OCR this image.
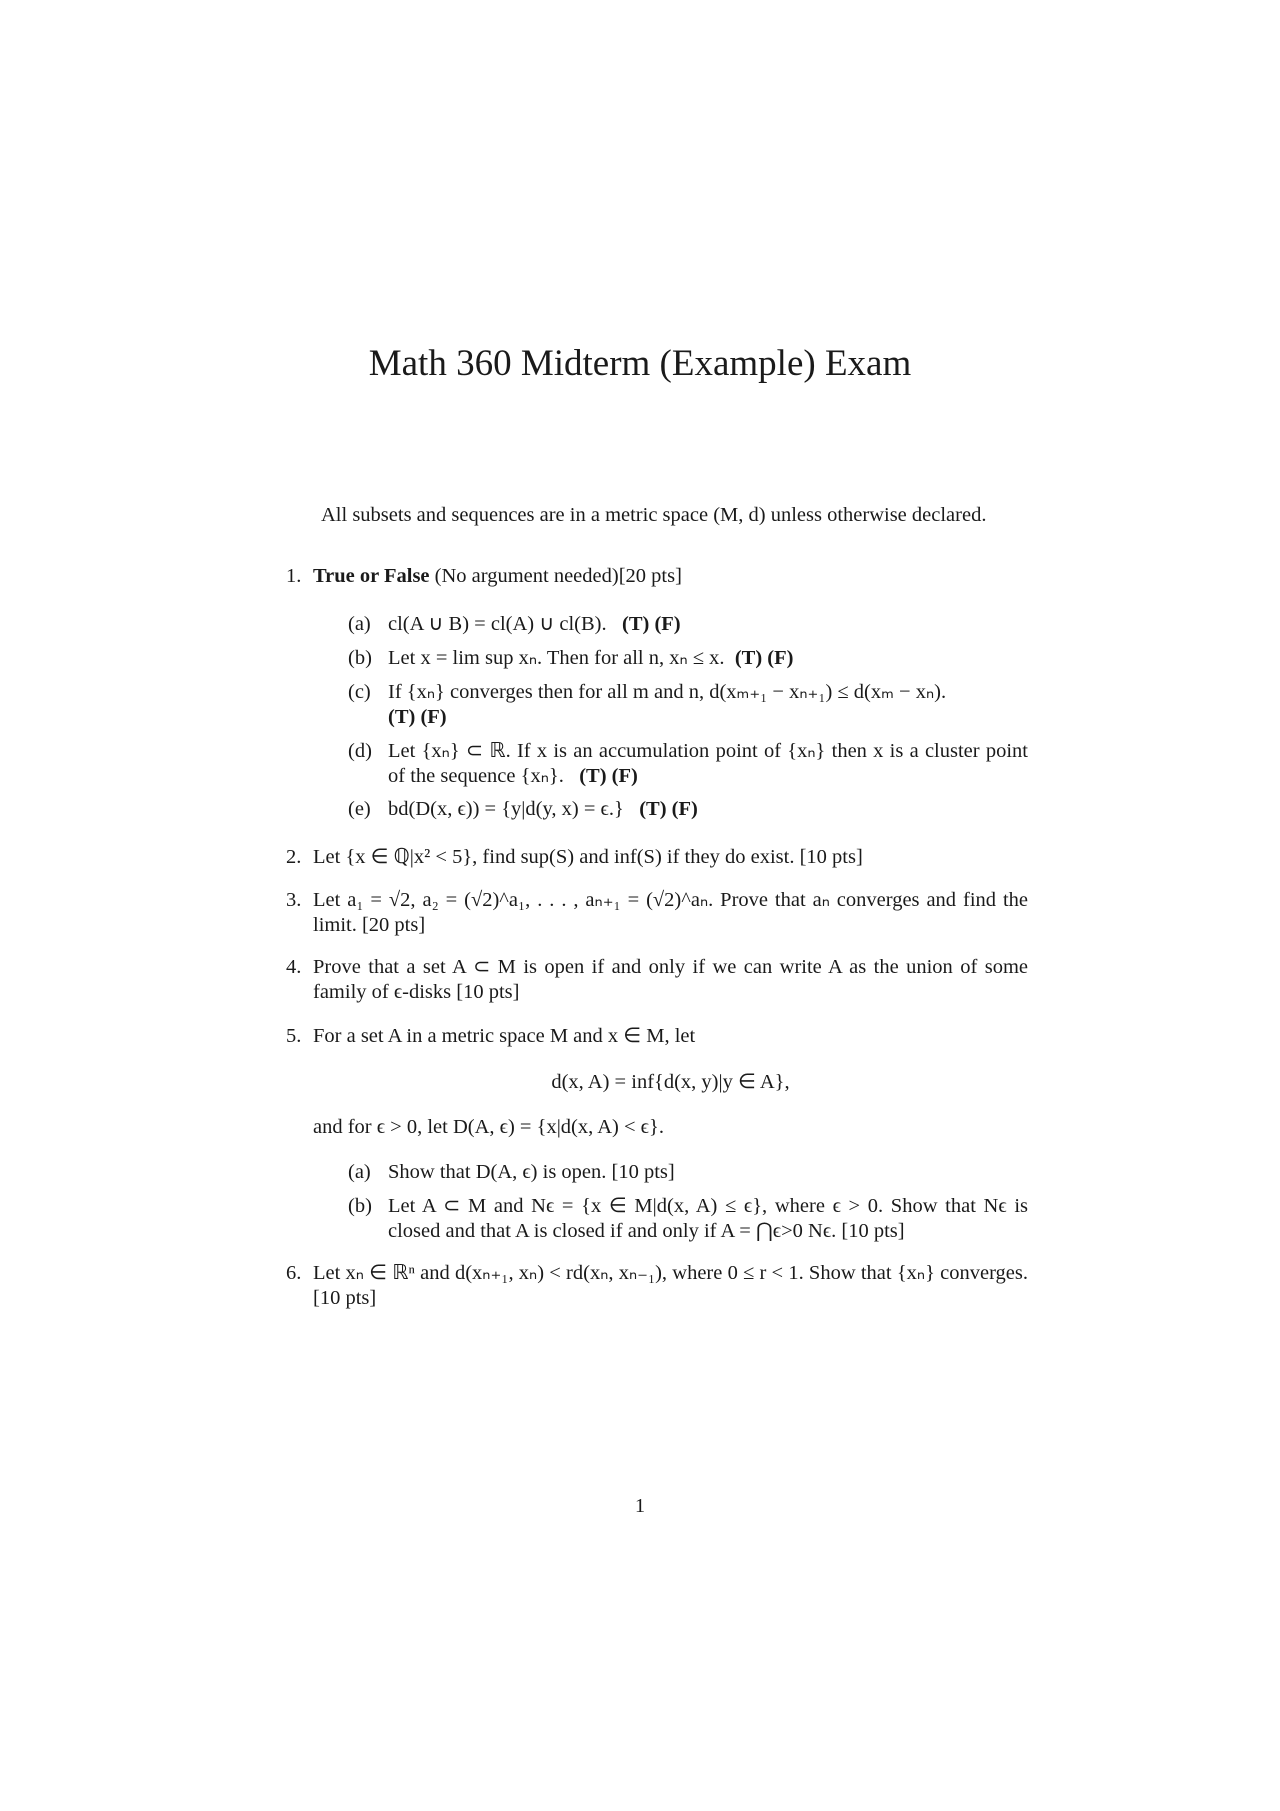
Math 360 Midterm (Example) Exam
All subsets and sequences are in a metric space (M, d) unless otherwise declared.
1. True or False (No argument needed)[20 pts]
(a) cl(A ∪ B) = cl(A) ∪ cl(B). (T) (F)
(b) Let x = lim sup xₙ. Then for all n, xₙ ≤ x. (T) (F)
(c) If {xₙ} converges then for all m and n, d(xₘ₊₁ − xₙ₊₁) ≤ d(xₘ − xₙ).
(T) (F)
(d) Let {xₙ} ⊂ ℝ. If x is an accumulation point of {xₙ} then x is a cluster point of the sequence {xₙ}. (T) (F)
(e) bd(D(x, ϵ)) = {y|d(y, x) = ϵ.} (T) (F)
2. Let {x ∈ ℚ|x² < 5}, find sup(S) and inf(S) if they do exist. [10 pts]
3. Let a₁ = √2, a₂ = (√2)^a₁, . . . , aₙ₊₁ = (√2)^aₙ. Prove that aₙ converges and find the limit. [20 pts]
4. Prove that a set A ⊂ M is open if and only if we can write A as the union of some family of ϵ-disks [10 pts]
5. For a set A in a metric space M and x ∈ M, let
d(x, A) = inf{d(x, y)|y ∈ A},
and for ϵ > 0, let D(A, ϵ) = {x|d(x, A) < ϵ}.
(a) Show that D(A, ϵ) is open. [10 pts]
(b) Let A ⊂ M and Nϵ = {x ∈ M|d(x, A) ≤ ϵ}, where ϵ > 0. Show that Nϵ is closed and that A is closed if and only if A = ⋂ϵ>0 Nϵ. [10 pts]
6. Let xₙ ∈ ℝⁿ and d(xₙ₊₁, xₙ) < rd(xₙ, xₙ₋₁), where 0 ≤ r < 1. Show that {xₙ} converges. [10 pts]
1
